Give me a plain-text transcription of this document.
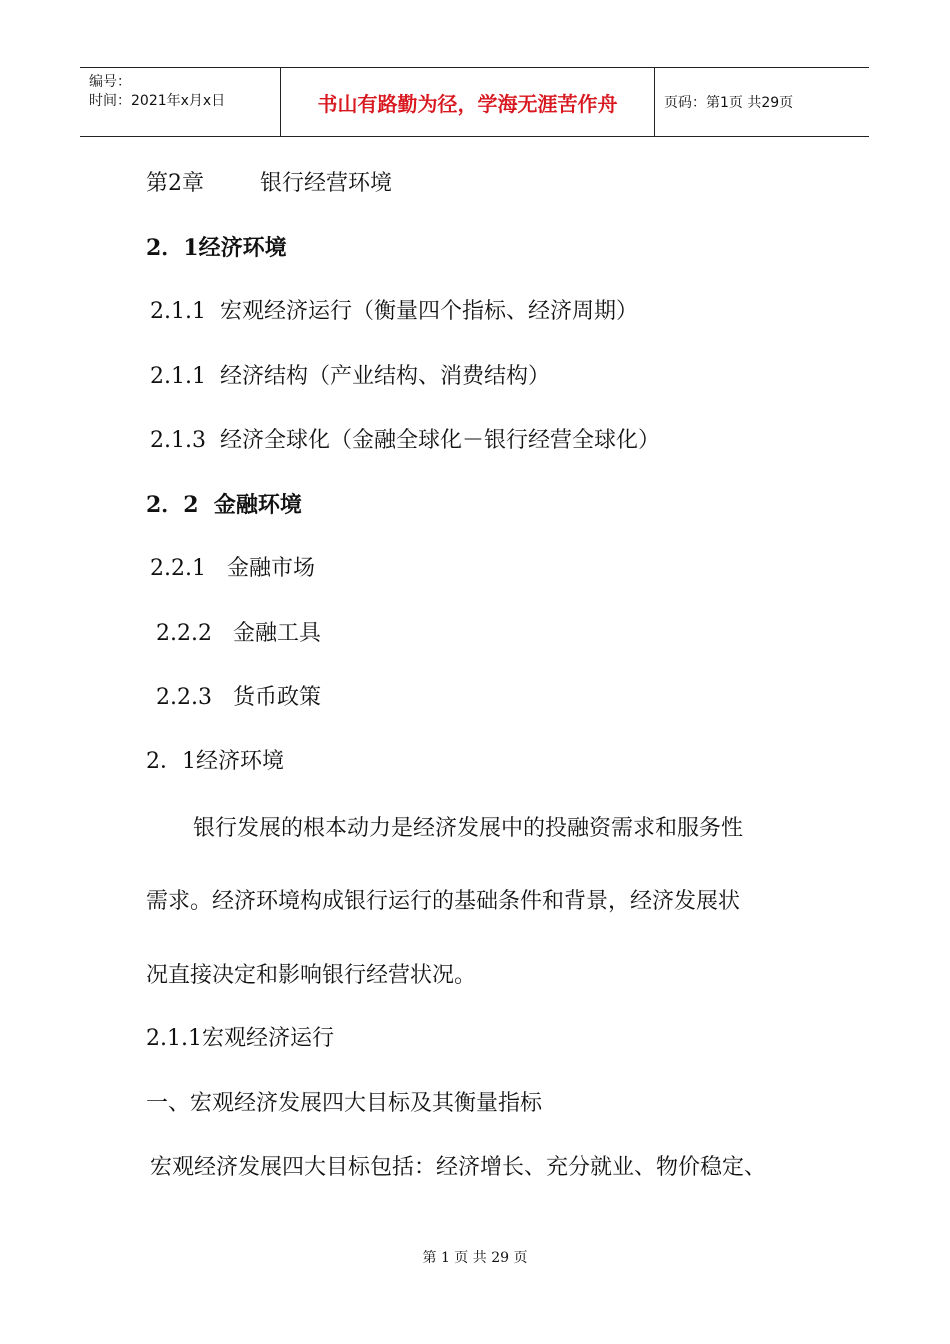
编号：
时间：2021年x月x日	书山有路勤为径，学海无涯苦作舟	页码：第1页 共29页
第2章        银行经营环境
2．1经济环境
2.1.1  宏观经济运行（衡量四个指标、经济周期）
2.1.1  经济结构（产业结构、消费结构）
2.1.3  经济全球化（金融全球化－银行经营全球化）
2．2  金融环境
2.2.1   金融市场
2.2.2   金融工具
2.2.3   货币政策
2．1经济环境
银行发展的根本动力是经济发展中的投融资需求和服务性
需求。经济环境构成银行运行的基础条件和背景，经济发展状
况直接决定和影响银行经营状况。
2.1.1宏观经济运行
一、宏观经济发展四大目标及其衡量指标
宏观经济发展四大目标包括：经济增长、充分就业、物价稳定、
第 1 页 共 29 页
